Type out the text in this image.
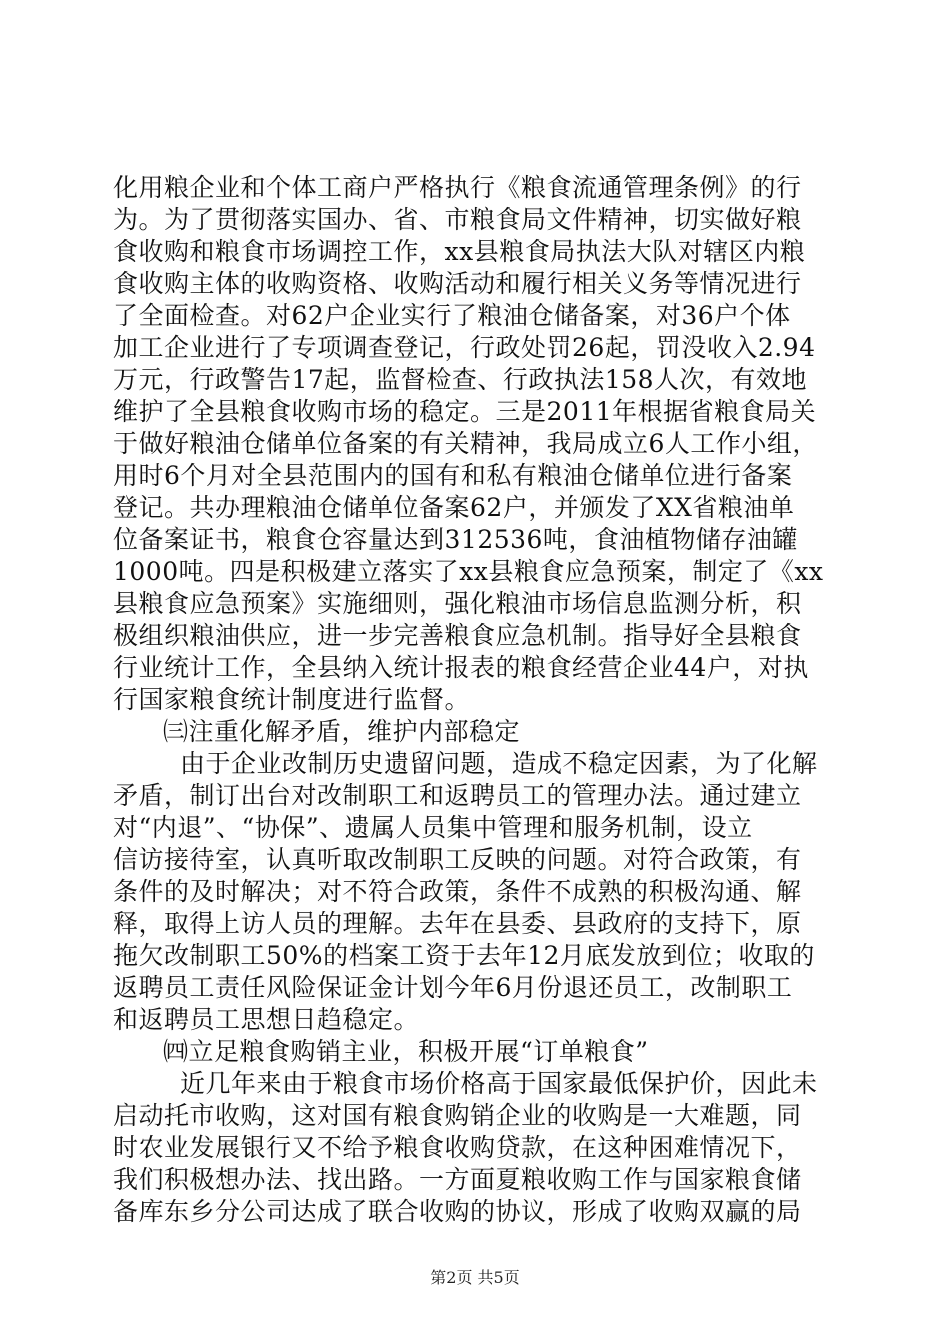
化用粮企业和个体工商户严格执行《粮食流通管理条例》的行
为。为了贯彻落实国办、省、市粮食局文件精神，切实做好粮
食收购和粮食市场调控工作，xx县粮食局执法大队对辖区内粮
食收购主体的收购资格、收购活动和履行相关义务等情况进行
了全面检查。对62户企业实行了粮油仓储备案，对36户个体
加工企业进行了专项调查登记，行政处罚26起，罚没收入2.94
万元，行政警告17起，监督检查、行政执法158人次，有效地
维护了全县粮食收购市场的稳定。三是2011年根据省粮食局关
于做好粮油仓储单位备案的有关精神，我局成立6人工作小组，
用时6个月对全县范围内的国有和私有粮油仓储单位进行备案
登记。共办理粮油仓储单位备案62户，并颁发了XX省粮油单
位备案证书，粮食仓容量达到312536吨，食油植物储存油罐
1000吨。四是积极建立落实了xx县粮食应急预案，制定了《xx
县粮食应急预案》实施细则，强化粮油市场信息监测分析，积
极组织粮油供应，进一步完善粮食应急机制。指导好全县粮食
行业统计工作，全县纳入统计报表的粮食经营企业44户，对执
行国家粮食统计制度进行监督。
㈢注重化解矛盾，维护内部稳定
由于企业改制历史遗留问题，造成不稳定因素，为了化解
矛盾，制订出台对改制职工和返聘员工的管理办法。通过建立
对“内退”、“协保”、遗属人员集中管理和服务机制，设立
信访接待室，认真听取改制职工反映的问题。对符合政策，有
条件的及时解决；对不符合政策，条件不成熟的积极沟通、解
释，取得上访人员的理解。去年在县委、县政府的支持下，原
拖欠改制职工50%的档案工资于去年12月底发放到位；收取的
返聘员工责任风险保证金计划今年6月份退还员工，改制职工
和返聘员工思想日趋稳定。
㈣立足粮食购销主业，积极开展“订单粮食”
近几年来由于粮食市场价格高于国家最低保护价，因此未
启动托市收购，这对国有粮食购销企业的收购是一大难题，同
时农业发展银行又不给予粮食收购贷款，在这种困难情况下，
我们积极想办法、找出路。一方面夏粮收购工作与国家粮食储
备库东乡分公司达成了联合收购的协议，形成了收购双赢的局
第2页 共5页
